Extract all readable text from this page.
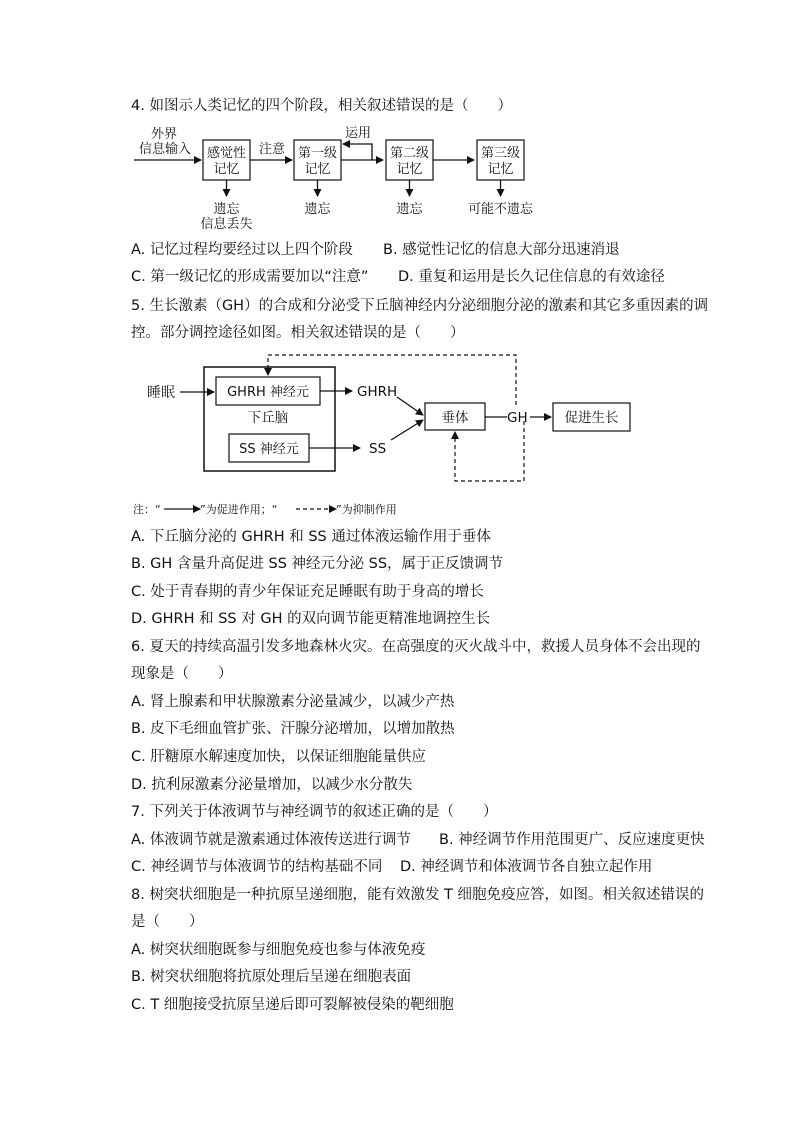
4. 如图示人类记忆的四个阶段，相关叙述错误的是（　　）
外界
信息输入 感觉性
记忆
注意 第一级
记忆
运用
第二级
记忆
第三级
记忆
遗忘
信息丢失
遗忘	遗忘	可能不遗忘
A. 记忆过程均要经过以上四个阶段 B. 感觉性记忆的信息大部分迅速消退
C. 第一级记忆的形成需要加以“注意” D. 重复和运用是长久记住信息的有效途径
5. 生长激素（GH）的合成和分泌受下丘脑神经内分泌细胞分泌的激素和其它多重因素的调
控。部分调控途径如图。相关叙述错误的是（　　）
睡眠	GHRH 神经元
下丘脑
SS 神经元
GHRH
SS
垂体	GH	促进生长
注：“	”为促进作用；“	”为抑制作用
A. 下丘脑分泌的 GHRH 和 SS 通过体液运输作用于垂体
B. GH 含量升高促进 SS 神经元分泌 SS，属于正反馈调节
C. 处于青春期的青少年保证充足睡眠有助于身高的增长
D. GHRH 和 SS 对 GH 的双向调节能更精准地调控生长
6. 夏天的持续高温引发多地森林火灾。在高强度的灭火战斗中，救援人员身体不会出现的
现象是（　　）
A. 肾上腺素和甲状腺激素分泌量减少，以减少产热
B. 皮下毛细血管扩张、汗腺分泌增加，以增加散热
C. 肝糖原水解速度加快，以保证细胞能量供应
D. 抗利尿激素分泌量增加，以减少水分散失
7. 下列关于体液调节与神经调节的叙述正确的是（　　）
A. 体液调节就是激素通过体液传送进行调节 B. 神经调节作用范围更广、反应速度更快
C. 神经调节与体液调节的结构基础不同 D. 神经调节和体液调节各自独立起作用
8. 树突状细胞是一种抗原呈递细胞，能有效激发 T 细胞免疫应答，如图。相关叙述错误的
是（　　）
A. 树突状细胞既参与细胞免疫也参与体液免疫
B. 树突状细胞将抗原处理后呈递在细胞表面
C. T 细胞接受抗原呈递后即可裂解被侵染的靶细胞
